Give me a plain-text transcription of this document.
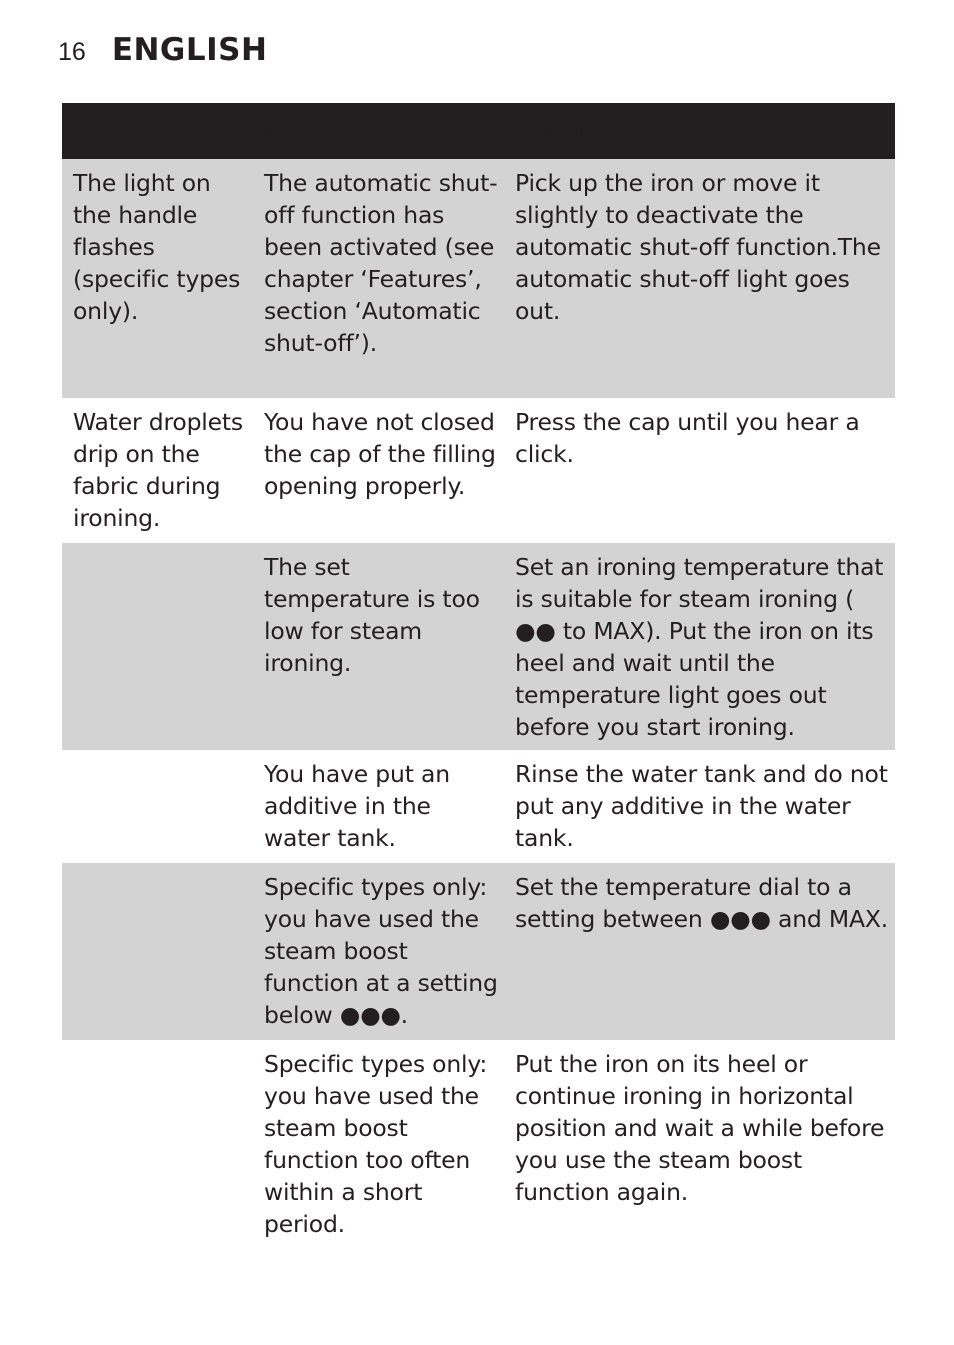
16 ENGLISH
Problem	Possible cause	Solution
The light on the handle flashes (specific types only).
The automatic shut-off function has been activated (see chapter ‘Features’, section ‘Automatic shut-off’).
Pick up the iron or move it slightly to deactivate the automatic shut-off function.The automatic shut-off light goes out.
Water droplets drip on the fabric during ironing.
You have not closed the cap of the filling opening properly.
Press the cap until you hear a click.
The set temperature is too low for steam ironing.
Set an ironing temperature that is suitable for steam ironing ( ●● to MAX). Put the iron on its heel and wait until the temperature light goes out before you start ironing.
You have put an additive in the water tank.
Rinse the water tank and do not put any additive in the water tank.
Specific types only: you have used the steam boost function at a setting below ●●●.
Set the temperature dial to a setting between ●●● and MAX.
Specific types only: you have used the steam boost function too often within a short period.
Put the iron on its heel or continue ironing in horizontal position and wait a while before you use the steam boost function again.
